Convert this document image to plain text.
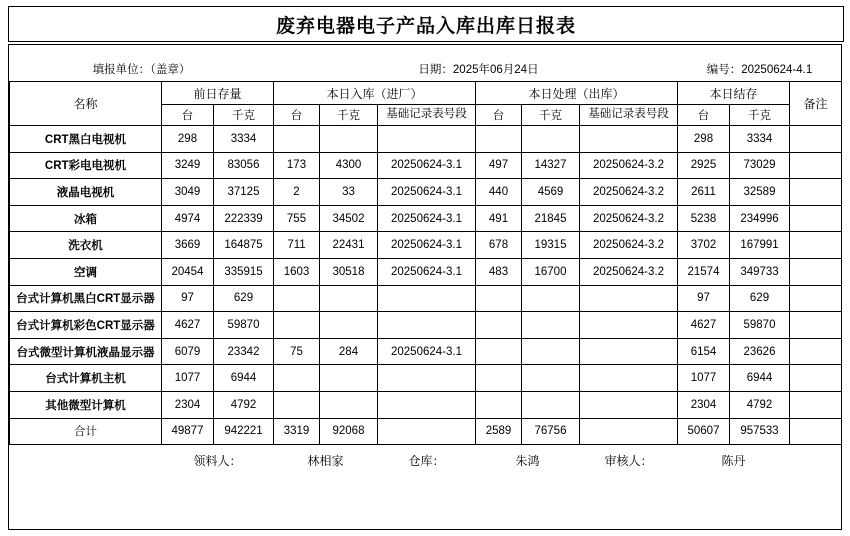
废弃电器电子产品入库出库日报表

填报单位：（盖章）					日期：2025年06月24日				编号：20250624-4.1		
名称	前日存量		本日入库（进厂）			本日处理（出库）			本日结存		备注
	台	千克	台	千克	基础记录表号段	台	千克	基础记录表号段	台	千克	
CRT黑白电视机	298	3334							298	3334	
CRT彩电电视机	3249	83056	173	4300	20250624-3.1	497	14327	20250624-3.2	2925	73029	
液晶电视机	3049	37125	2	33	20250624-3.1	440	4569	20250624-3.2	2611	32589	
冰箱	4974	222339	755	34502	20250624-3.1	491	21845	20250624-3.2	5238	234996	
洗衣机	3669	164875	711	22431	20250624-3.1	678	19315	20250624-3.2	3702	167991	
空调	20454	335915	1603	30518	20250624-3.1	483	16700	20250624-3.2	21574	349733	
台式计算机黑白CRT显示器	97	629							97	629	
台式计算机彩色CRT显示器	4627	59870							4627	59870	
台式微型计算机液晶显示器	6079	23342	75	284	20250624-3.1				6154	23626	
台式计算机主机	1077	6944							1077	6944	
其他微型计算机	2304	4792							2304	4792	
合计	49877	942221	3319	92068		2589	76756		50607	957533	
	领料人：		林相家		仓库：	朱鸿		审核人：	陈丹		
